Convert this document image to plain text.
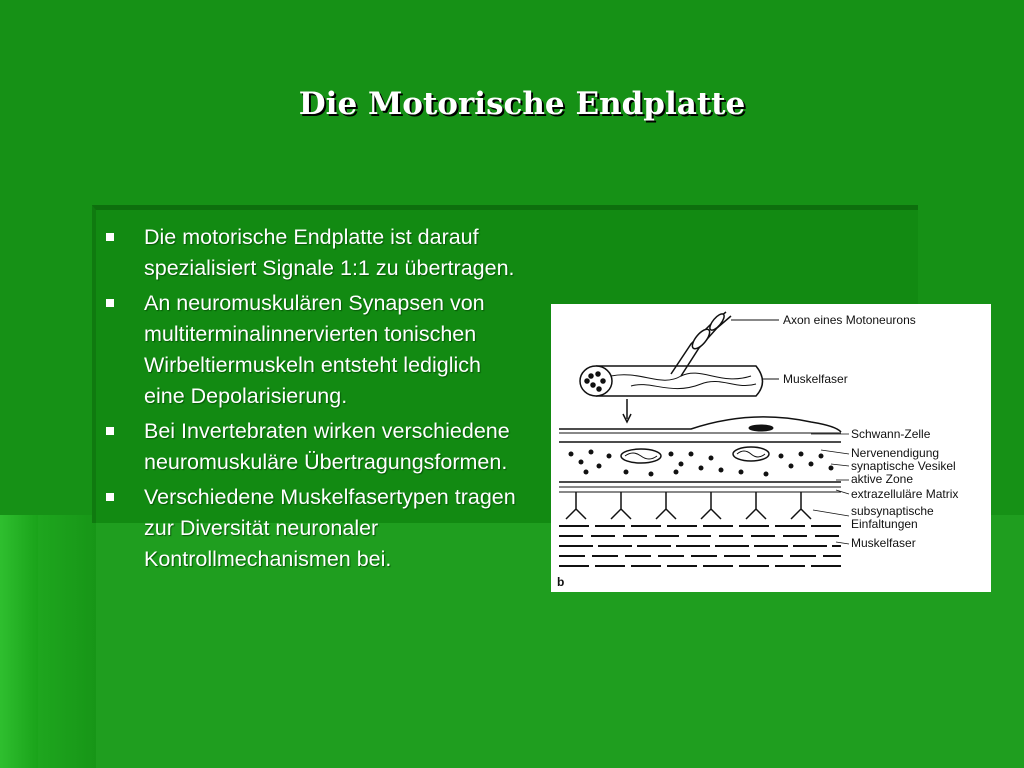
Die Motorische Endplatte
Die motorische Endplatte ist darauf spezialisiert Signale 1:1 zu übertragen.
An neuromuskulären Synapsen von multiterminalinnervierten tonischen Wirbeltiermuskeln entsteht lediglich eine Depolarisierung.
Bei Invertebraten wirken verschiedene neuromuskuläre Übertragungsformen.
Verschiedene Muskelfasertypen tragen zur Diversität neuronaler Kontrollmechanismen bei.
Axon eines Motoneurons
Muskelfaser
Schwann-Zelle
Nervenendigung
synaptische Vesikel
aktive Zone
extrazelluläre Matrix
subsynaptische
Einfaltungen
Muskelfaser
b
